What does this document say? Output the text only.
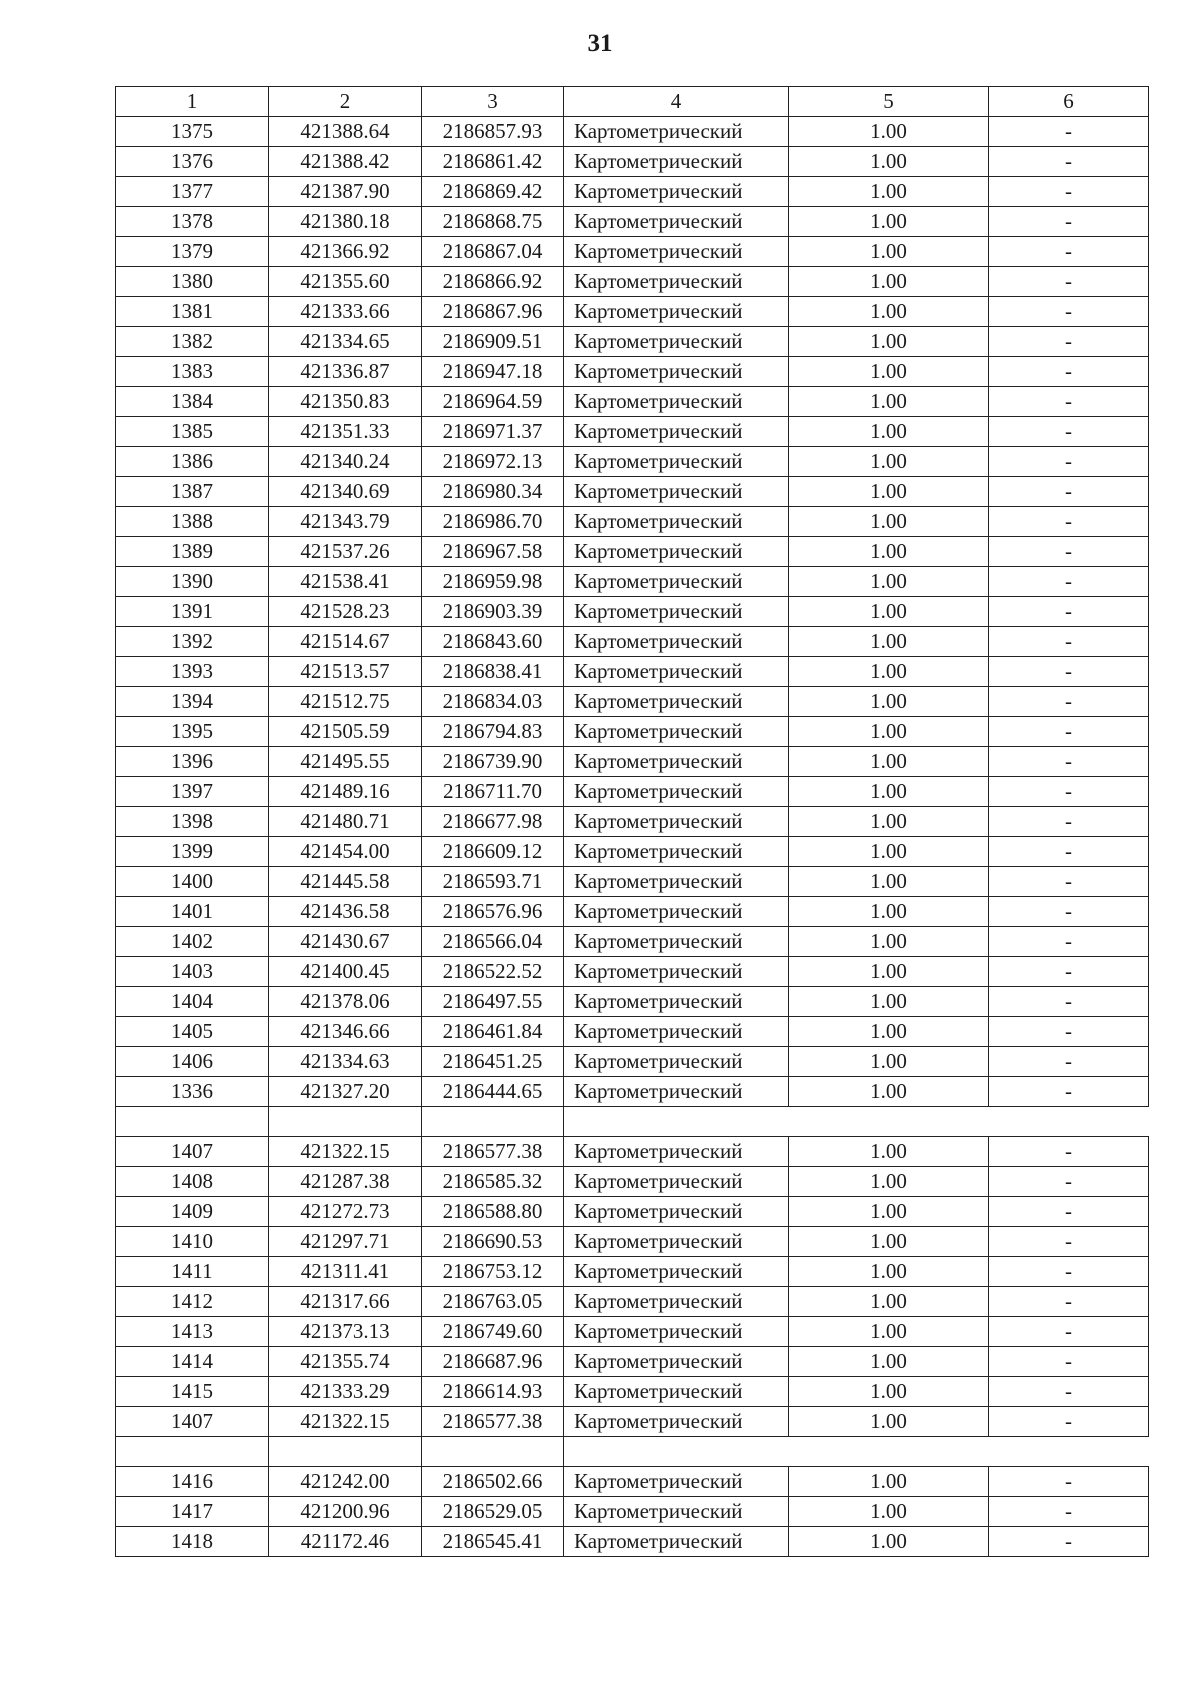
31
1	2	3	4	5	6
1375	421388.64	2186857.93	Картометрический	1.00	-
1376	421388.42	2186861.42	Картометрический	1.00	-
1377	421387.90	2186869.42	Картометрический	1.00	-
1378	421380.18	2186868.75	Картометрический	1.00	-
1379	421366.92	2186867.04	Картометрический	1.00	-
1380	421355.60	2186866.92	Картометрический	1.00	-
1381	421333.66	2186867.96	Картометрический	1.00	-
1382	421334.65	2186909.51	Картометрический	1.00	-
1383	421336.87	2186947.18	Картометрический	1.00	-
1384	421350.83	2186964.59	Картометрический	1.00	-
1385	421351.33	2186971.37	Картометрический	1.00	-
1386	421340.24	2186972.13	Картометрический	1.00	-
1387	421340.69	2186980.34	Картометрический	1.00	-
1388	421343.79	2186986.70	Картометрический	1.00	-
1389	421537.26	2186967.58	Картометрический	1.00	-
1390	421538.41	2186959.98	Картометрический	1.00	-
1391	421528.23	2186903.39	Картометрический	1.00	-
1392	421514.67	2186843.60	Картометрический	1.00	-
1393	421513.57	2186838.41	Картометрический	1.00	-
1394	421512.75	2186834.03	Картометрический	1.00	-
1395	421505.59	2186794.83	Картометрический	1.00	-
1396	421495.55	2186739.90	Картометрический	1.00	-
1397	421489.16	2186711.70	Картометрический	1.00	-
1398	421480.71	2186677.98	Картометрический	1.00	-
1399	421454.00	2186609.12	Картометрический	1.00	-
1400	421445.58	2186593.71	Картометрический	1.00	-
1401	421436.58	2186576.96	Картометрический	1.00	-
1402	421430.67	2186566.04	Картометрический	1.00	-
1403	421400.45	2186522.52	Картометрический	1.00	-
1404	421378.06	2186497.55	Картометрический	1.00	-
1405	421346.66	2186461.84	Картометрический	1.00	-
1406	421334.63	2186451.25	Картометрический	1.00	-
1336	421327.20	2186444.65	Картометрический	1.00	-

1407	421322.15	2186577.38	Картометрический	1.00	-
1408	421287.38	2186585.32	Картометрический	1.00	-
1409	421272.73	2186588.80	Картометрический	1.00	-
1410	421297.71	2186690.53	Картометрический	1.00	-
1411	421311.41	2186753.12	Картометрический	1.00	-
1412	421317.66	2186763.05	Картометрический	1.00	-
1413	421373.13	2186749.60	Картометрический	1.00	-
1414	421355.74	2186687.96	Картометрический	1.00	-
1415	421333.29	2186614.93	Картометрический	1.00	-
1407	421322.15	2186577.38	Картометрический	1.00	-

1416	421242.00	2186502.66	Картометрический	1.00	-
1417	421200.96	2186529.05	Картометрический	1.00	-
1418	421172.46	2186545.41	Картометрический	1.00	-
